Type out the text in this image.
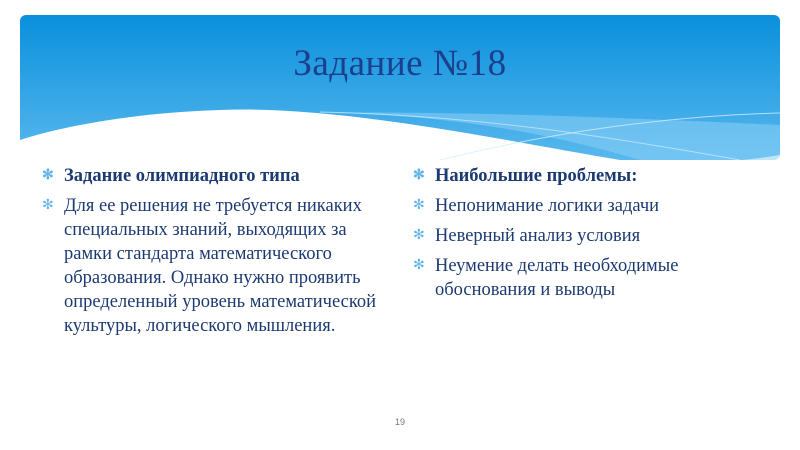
Задание №18
✻ Задание олимпиадного типа
✻ Для ее решения не требуется никаких специальных знаний, выходящих за рамки стандарта математического образования. Однако нужно проявить определенный уровень математической культуры, логического мышления.
✻ Наибольшие проблемы:
✻ Непонимание логики задачи
✻ Неверный анализ условия
✻ Неумение делать необходимые обоснования и выводы
19
